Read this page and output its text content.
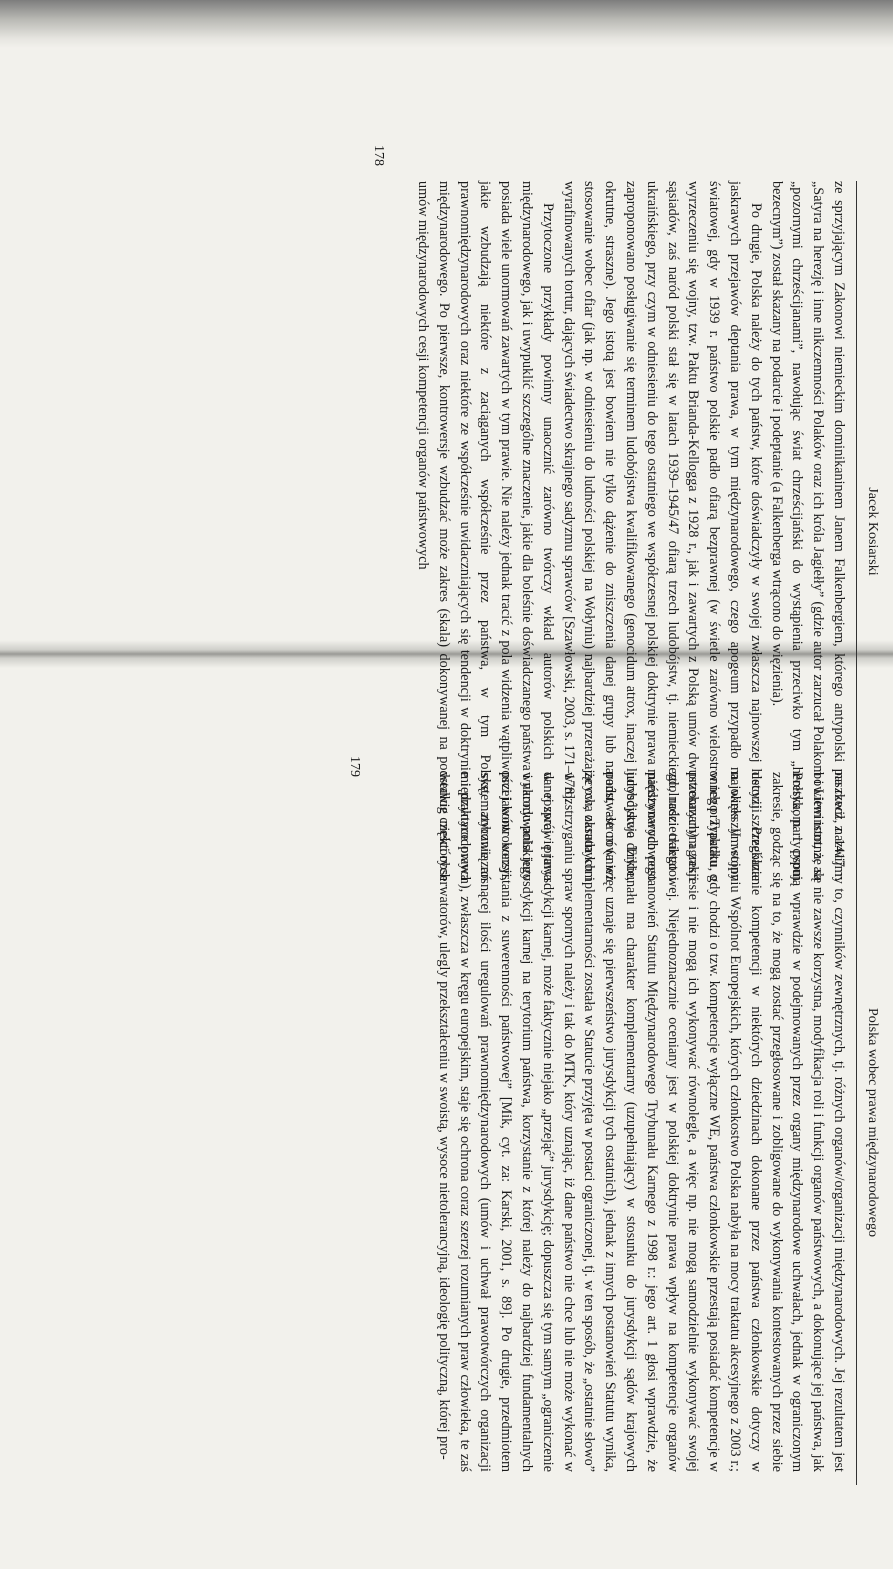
Jacek Kosiarski

ze sprzyjającym Zakonowi niemieckim dominikaninem Janem Falkenbergiem, którego antypolski paszkwil z 1417 r. „Satyra na herezję i inne nikczemności Polaków oraz ich króla Jagiełły” (gdzie autor zarzucał Polakom i Litwinom, że są „pozornymi chrześcijanami”, nawołując świat chrześcijański do wystąpienia przeciwko tym „heretykom i psom bezecnym”) został skazany na podarcie i podeptanie (a Falkenberga wtrącono do więzienia).

Po drugie, Polska należy do tych państw, które doświadczyły w swojej zwłaszcza najnowszej historii szczególnie jaskrawych przejawów deptania prawa, w tym międzynarodowego, czego apogeum przypadło na okres II wojny światowej, gdy w 1939 r. państwo polskie padło ofiarą bezprawnej (w świetle zarówno wielostronnego Traktatu o wyrzeczeniu się wojny, tzw. Paktu Brianda-Kellogga z 1928 r., jak i zawartych z Polską umów dwustronnych) agresji sąsiadów, zaś naród polski stał się w latach 1939–1945/47 ofiarą trzech ludobójstw, tj. niemieckiego, radzieckiego i ukraińskiego, przy czym w odniesieniu do tego ostatniego we współczesnej polskiej doktrynie prawa międzynarodowego zaproponowano posługiwanie się terminem ludobójstwa kwalifikowanego (genocidum atrox, inaczej ludobójstwo dzikie, okrutne, straszne). Jego istotą jest bowiem nie tylko dążenie do zniszczenia danej grupy lub narodu, ale również stosowanie wobec ofiar (jak np. w odniesieniu do ludności polskiej na Wołyniu) najbardziej przerażających, okrutnych i wyrafinowanych tortur, dających świadectwo skrajnego sadyzmu sprawców [Szawłowski, 2003, s. 171–178].

Przytoczone przykłady powinny unaocznić zarówno twórczy wkład autorów polskich w rozwój prawa międzynarodowego, jak i uwypuklić szczególne znaczenie, jakie dla boleśnie doświadczanego państwa i narodu polskiego posiada wiele unormowań zawartych w tym prawie. Nie należy jednak tracić z pola widzenia wątpliwości i kontrowersji, jakie wzbudzają niektóre z zaciąganych współcześnie przez państwa, w tym Polskę, zobowiązań prawnomiędzynarodowych oraz niektóre ze współcześnie uwidaczniających się tendencji w doktrynie i praktyce prawa międzynarodowego. Po pierwsze, kontrowersje wzbudzać może zakres (skala) dokonywanej na podstawie niektórych umów międzynarodowych cesji kompetencji organów państwowych

178
Polska wobec prawa międzynarodowego

na rzecz, nazwijmy to, czynników zewnętrznych, tj. różnych organów/organizacji międzynarodowych. Jej rezultatem jest bowiem istotna, ale nie zawsze korzystna, modyfikacja roli i funkcji organów państwowych, a dokonujące jej państwa, jak Polska, partycypują wprawdzie w podejmowanych przez organy międzynarodowe uchwałach, jednak w ograniczonym zakresie, godząc się na to, że mogą zostać przegłosowane i zobligowane do wykonywania kontestowanych przez siebie decyzji. Przekazanie kompetencji w niektórych dziedzinach dokonane przez państwa członkowskie dotyczy w największym stopniu Wspólnot Europejskich, których członkostwo Polska nabyła na mocy traktatu akcesyjnego z 2003 r.; w ich przypadku, gdy chodzi o tzw. kompetencje wyłączne WE, państwa członkowskie przestają posiadać kompetencje w przekazanym zakresie i nie mogą ich wykonywać równolegle, a więc np. nie mogą samodzielnie wykonywać swojej zdolności traktatowej. Niejednoznacznie oceniany jest w polskiej doktrynie prawa wpływ na kompetencje organów państwowych postanowień Statutu Międzynarodowego Trybunału Karnego z 1998 r.: jego art. 1 głosi wprawdzie, że jurysdykcja Trybunału ma charakter komplementarny (uzupełniający) w stosunku do jurysdykcji sądów krajowych państw-stron (a więc uznaje się pierwszeństwo jurysdykcji tych ostatnich), jednak z innych postanowień Statutu wynika, że owa zasada komplementarności została w Statucie przyjęta w postaci ograniczonej, tj. w ten sposób, że „ostatnie słowo” w rozstrzyganiu spraw spornych należy i tak do MTK, który uznając, iż dane państwo nie chce lub nie może wykonać w danej sprawie jurysdykcji karnej, może faktycznie niejako „przejąć” jurysdykcję; dopuszcza się tym samym „ograniczenie wykonywania jurysdykcji karnej na terytorium państwa, korzystanie z której należy do najbardziej fundamentalnych przejawów korzystania z suwerenności państwowej” [Mik, cyt. za: Karski, 2001, s. 89]. Po drugie, przedmiotem systematycznie rosnącej ilości uregulowań prawnomiędzynarodowych (umów i uchwał prawotwórczych organizacji międzynarodowych), zwłaszcza w kręgu europejskim, staje się ochrona coraz szerzej rozumianych praw człowieka, te zaś według części obserwatorów, ulegly przekształceniu w swoistą, wysoce nietolerancyjną, ideologię polityczną, której pro-

179
